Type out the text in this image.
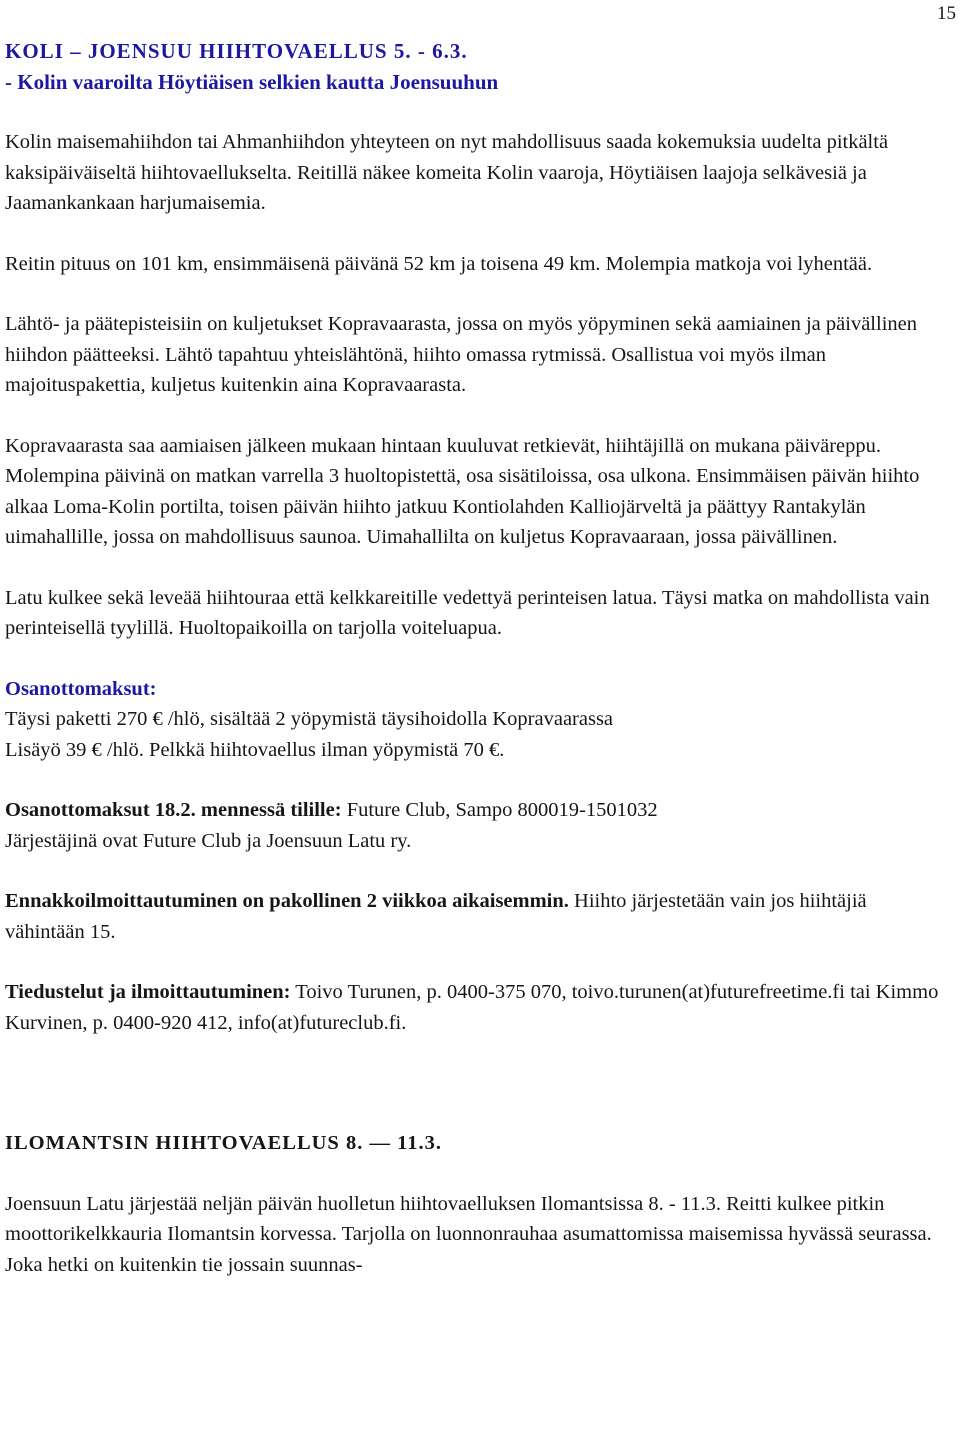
15

KOLI – JOENSUU HIIHTOVAELLUS 5. - 6.3.

- Kolin vaaroilta Höytiäisen selkien kautta Joensuuhun

Kolin maisemahiihdon tai Ahmanhiihdon yhteyteen on nyt mahdollisuus saada kokemuksia uudelta pitkältä kaksipäiväiseltä hiihtovaellukselta. Reitillä näkee komeita Kolin vaaroja, Höytiäisen laajoja selkävesiä ja Jaamankankaan harjumaisemia.

Reitin pituus on 101 km, ensimmäisenä päivänä 52 km ja toisena 49 km. Molempia matkoja voi lyhentää.

Lähtö- ja päätepisteisiin on kuljetukset Kopravaarasta, jossa on myös yöpyminen sekä aamiainen ja päivällinen hiihdon päätteeksi. Lähtö tapahtuu yhteislähtönä, hiihto omassa rytmissä. Osallistua voi myös ilman majoituspakettia, kuljetus kuitenkin aina Kopravaarasta.

Kopravaarasta saa aamiaisen jälkeen mukaan hintaan kuuluvat retkievät, hiihtäjillä on mukana päiväreppu. Molempina päivinä on matkan varrella 3 huoltopistettä, osa sisätiloissa, osa ulkona. Ensimmäisen päivän hiihto alkaa Loma-Kolin portilta, toisen päivän hiihto jatkuu Kontiolahden Kalliojärveltä ja päättyy Rantakylän uimahallille, jossa on mahdollisuus saunoa. Uimahallilta on kuljetus Kopravaaraan, jossa päivällinen.

Latu kulkee sekä leveää hiihtouraa että kelkkareitille vedettyä perinteisen latua. Täysi matka on mahdollista vain perinteisellä tyylillä. Huoltopaikoilla on tarjolla voiteluapua.

Osanottomaksut:

Täysi paketti 270 € /hlö, sisältää 2 yöpymistä täysihoidolla Kopravaarassa

Lisäyö 39 € /hlö. Pelkkä hiihtovaellus ilman yöpymistä 70 €.

Osanottomaksut 18.2. mennessä tilille: Future Club, Sampo 800019-1501032

Järjestäjinä ovat Future Club ja Joensuun Latu ry.

Ennakkoilmoittautuminen on pakollinen 2 viikkoa aikaisemmin. Hiihto järjestetään vain jos hiihtäjiä vähintään 15.

Tiedustelut ja ilmoittautuminen: Toivo Turunen, p. 0400-375 070, toivo.turunen(at)futurefreetime.fi tai Kimmo Kurvinen, p. 0400-920 412, info(at)futureclub.fi.

ILOMANTSIN HIIHTOVAELLUS 8. — 11.3.

Joensuun Latu järjestää neljän päivän huolletun hiihtovaelluksen Ilomantsissa 8. - 11.3. Reitti kulkee pitkin moottorikelkkauria Ilomantsin korvessa. Tarjolla on luonnonrauhaa asumattomissa maisemissa hyvässä seurassa. Joka hetki on kuitenkin tie jossain suunnas-
